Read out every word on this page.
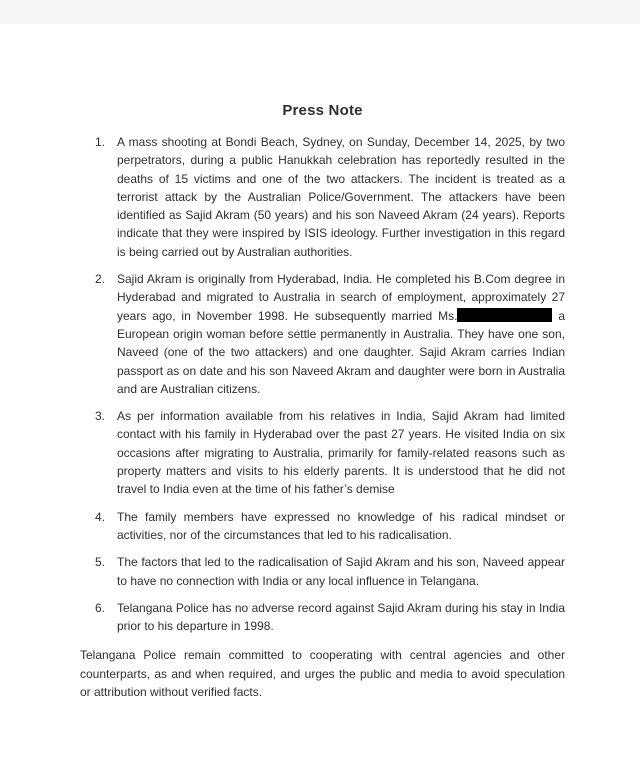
Press Note
1. A mass shooting at Bondi Beach, Sydney, on Sunday, December 14, 2025, by two perpetrators, during a public Hanukkah celebration has reportedly resulted in the deaths of 15 victims and one of the two attackers. The incident is treated as a terrorist attack by the Australian Police/Government. The attackers have been identified as Sajid Akram (50 years) and his son Naveed Akram (24 years). Reports indicate that they were inspired by ISIS ideology. Further investigation in this regard is being carried out by Australian authorities.
2. Sajid Akram is originally from Hyderabad, India. He completed his B.Com degree in Hyderabad and migrated to Australia in search of employment, approximately 27 years ago, in November 1998. He subsequently married Ms.	a European origin woman before settle permanently in Australia. They have one son, Naveed (one of the two attackers) and one daughter. Sajid Akram carries Indian passport as on date and his son Naveed Akram and daughter were born in Australia and are Australian citizens.
3. As per information available from his relatives in India, Sajid Akram had limited contact with his family in Hyderabad over the past 27 years. He visited India on six occasions after migrating to Australia, primarily for family-related reasons such as property matters and visits to his elderly parents. It is understood that he did not travel to India even at the time of his father’s demise
4. The family members have expressed no knowledge of his radical mindset or activities, nor of the circumstances that led to his radicalisation.
5. The factors that led to the radicalisation of Sajid Akram and his son, Naveed appear to have no connection with India or any local influence in Telangana.
6. Telangana Police has no adverse record against Sajid Akram during his stay in India prior to his departure in 1998.

Telangana Police remain committed to cooperating with central agencies and other counterparts, as and when required, and urges the public and media to avoid speculation or attribution without verified facts.
